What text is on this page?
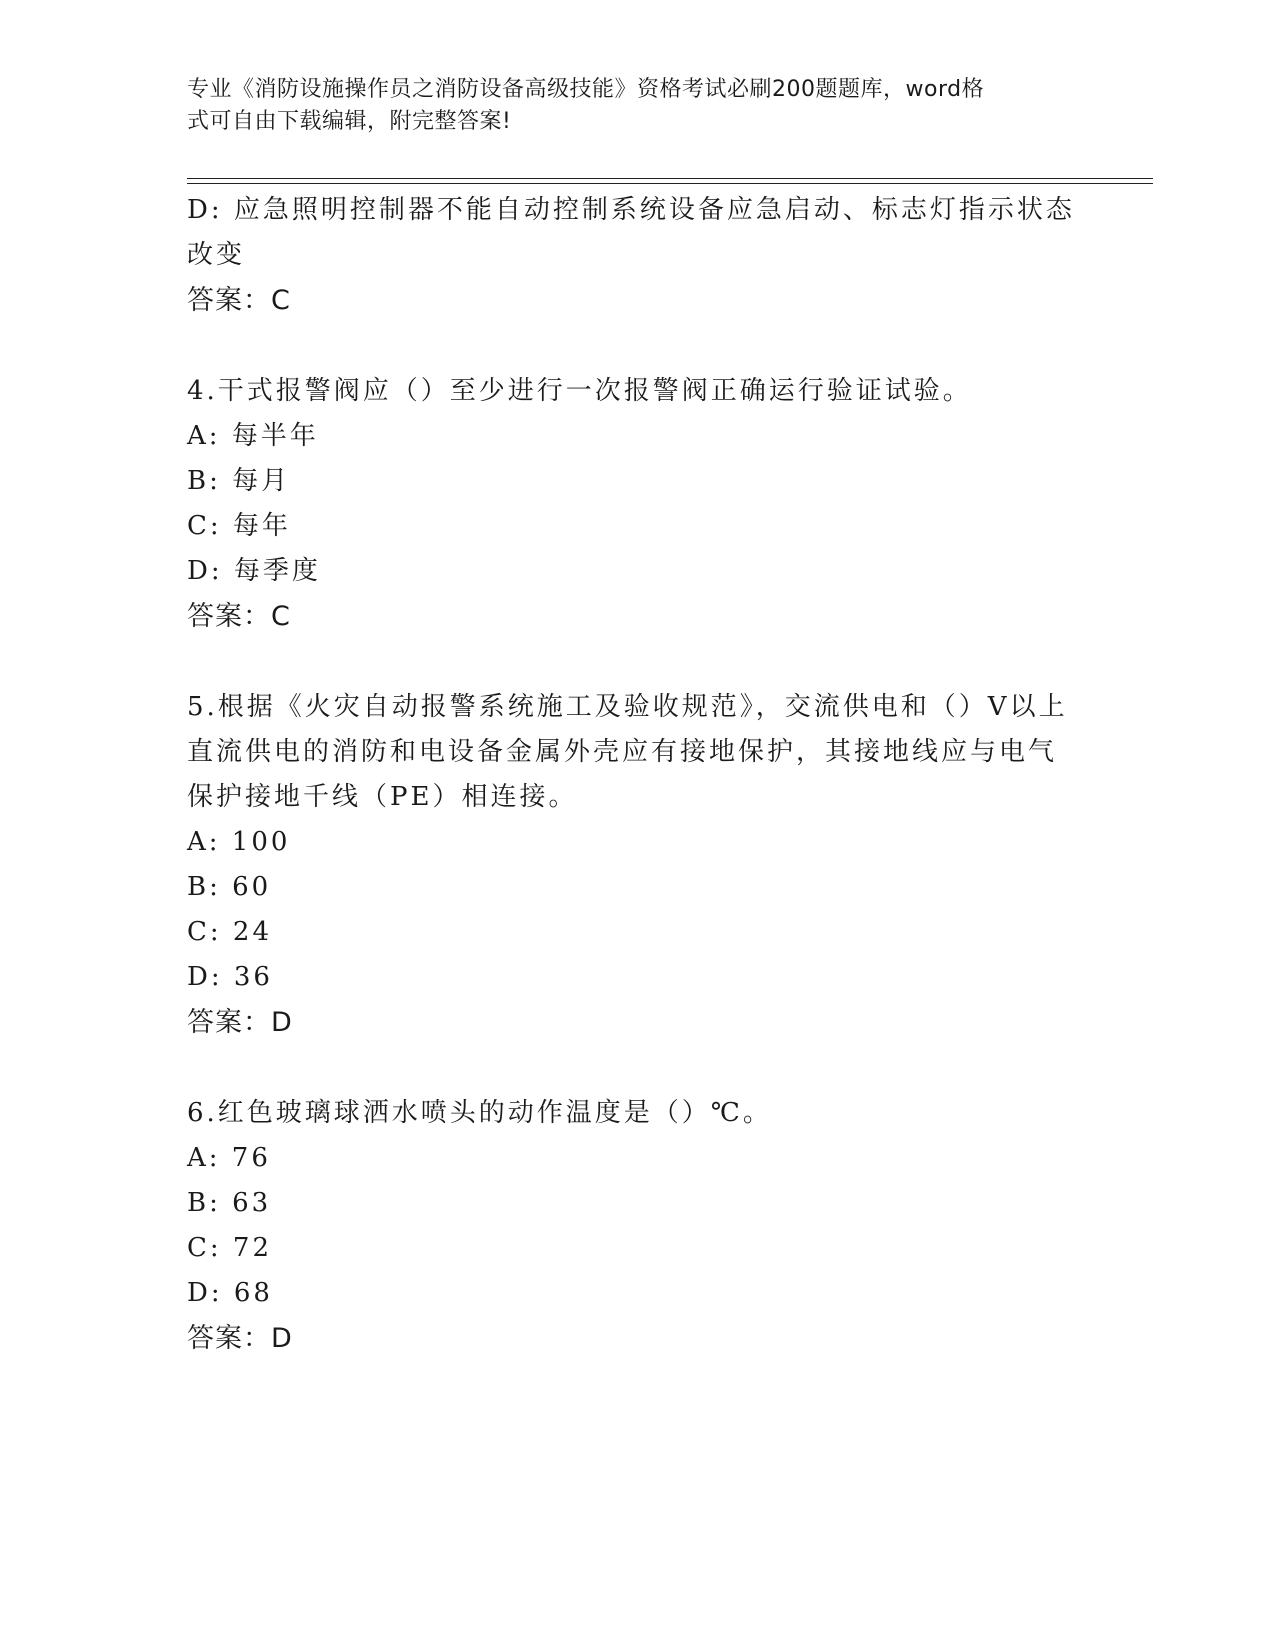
专业《消防设施操作员之消防设备高级技能》资格考试必刷200题题库，word格
式可自由下载编辑，附完整答案!
D: 应急照明控制器不能自动控制系统设备应急启动、标志灯指示状态
改变
答案：C
4.干式报警阀应（）至少进行一次报警阀正确运行验证试验。
A: 每半年
B: 每月
C: 每年
D: 每季度
答案：C
5.根据《火灾自动报警系统施工及验收规范》，交流供电和（）V以上
直流供电的消防和电设备金属外壳应有接地保护，其接地线应与电气
保护接地千线（PE）相连接。
A: 100
B: 60
C: 24
D: 36
答案：D
6.红色玻璃球洒水喷头的动作温度是（）℃。
A: 76
B: 63
C: 72
D: 68
答案：D
